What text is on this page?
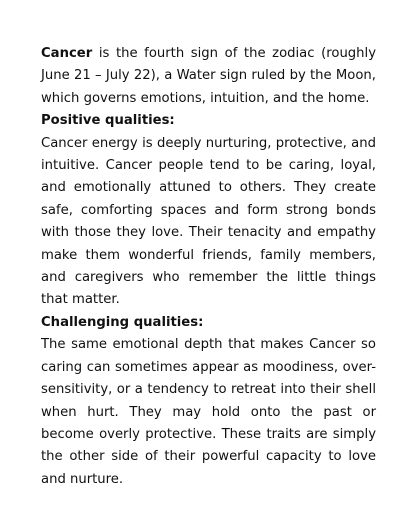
Cancer is the fourth sign of the zodiac (roughly June 21 – July 22), a Water sign ruled by the Moon, which governs emotions, intuition, and the home.

Positive qualities:

Cancer energy is deeply nurturing, protective, and intuitive. Cancer people tend to be caring, loyal, and emotionally attuned to others. They create safe, comforting spaces and form strong bonds with those they love. Their tenacity and empathy make them wonderful friends, family members, and caregivers who remember the little things that matter.

Challenging qualities:

The same emotional depth that makes Cancer so caring can sometimes appear as moodiness, over-sensitivity, or a tendency to retreat into their shell when hurt. They may hold onto the past or become overly protective. These traits are simply the other side of their powerful capacity to love and nurture.
